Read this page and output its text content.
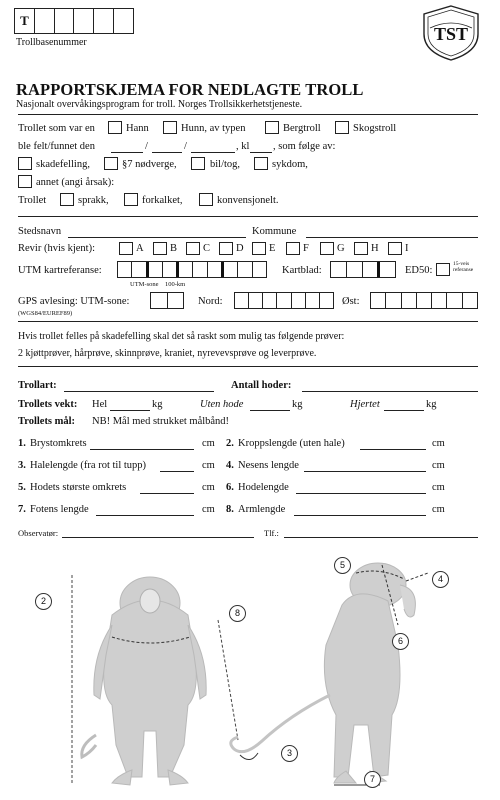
T
Trollbasenummer	TST
RAPPORTSKJEMA FOR NEDLAGTE TROLL
Nasjonalt overvåkingsprogram for troll. Norges Trollsikkerhetstjeneste.
Trollet som var en	Hann	Hunn, av typen	Bergtroll	Skogstroll
ble felt/funnet den	/	/	, kl , som følge av:
skadefelling,	§7 nødverge,	bil/tog,	sykdom,
annet (angi årsak):
Trollet	sprakk,	forkalket,	konvensjonelt.
Stedsnavn	Kommune
Revir (hvis kjent):	A	B C D E	F	G	H	I
UTM kartreferanse:
UTM-sone 100-km
Kartblad:	ED50:
15-veis referanse
GPS avlesing: UTM-sone:
(WGS84/EUREF89)
Nord:	Øst:
Hvis trollet felles på skadefelling skal det så raskt som mulig tas følgende prøver:
2 kjøttprøver, hårprøve, skinnprøve, kraniet, nyrevevsprøve og leverprøve.
Trollart:	Antall hoder:
Trollets vekt: Hel	kg	Uten hode	kg	Hjertet	kg
Trollets mål: NB! Mål med strukket målbånd!
1. Brystomkrets	cm 2. Kroppslengde (uten hale)	cm
3. Halelengde (fra rot til tupp)	cm 4. Nesens lengde	cm
5. Hodets største omkrets	cm 6. Hodelengde	cm
7. Fotens lengde	cm 8. Armlengde	cm
Observatør:	Tlf.:
2
8
5
4
6
3
7
